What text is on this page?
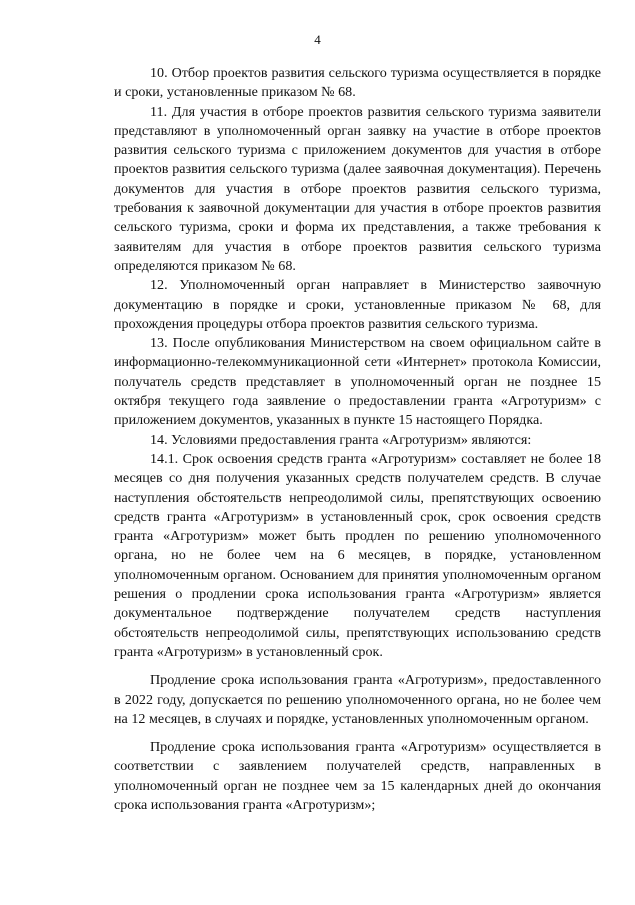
4

10. Отбор проектов развития сельского туризма осуществляется в порядке и сроки, установленные приказом № 68.

11. Для участия в отборе проектов развития сельского туризма заявители представляют в уполномоченный орган заявку на участие в отборе проектов развития сельского туризма с приложением документов для участия в отборе проектов развития сельского туризма (далее заявочная документация). Перечень документов для участия в отборе проектов развития сельского туризма, требования к заявочной документации для участия в отборе проектов развития сельского туризма, сроки и форма их представления, а также требования к заявителям для участия в отборе проектов развития сельского туризма определяются приказом № 68.

12. Уполномоченный орган направляет в Министерство заявочную документацию в порядке и сроки, установленные приказом № 68, для прохождения процедуры отбора проектов развития сельского туризма.

13. После опубликования Министерством на своем официальном сайте в информационно-телекоммуникационной сети «Интернет» протокола Комиссии, получатель средств представляет в уполномоченный орган не позднее 15 октября текущего года заявление о предоставлении гранта «Агротуризм» с приложением документов, указанных в пункте 15 настоящего Порядка.

14. Условиями предоставления гранта «Агротуризм» являются:

14.1. Срок освоения средств гранта «Агротуризм» составляет не более 18 месяцев со дня получения указанных средств получателем средств. В случае наступления обстоятельств непреодолимой силы, препятствующих освоению средств гранта «Агротуризм» в установленный срок, срок освоения средств гранта «Агротуризм» может быть продлен по решению уполномоченного органа, но не более чем на 6 месяцев, в порядке, установленном уполномоченным органом. Основанием для принятия уполномоченным органом решения о продлении срока использования гранта «Агротуризм» является документальное подтверждение получателем средств наступления обстоятельств непреодолимой силы, препятствующих использованию средств гранта «Агротуризм» в установленный срок.

Продление срока использования гранта «Агротуризм», предоставленного в 2022 году, допускается по решению уполномоченного органа, но не более чем на 12 месяцев, в случаях и порядке, установленных уполномоченным органом.

Продление срока использования гранта «Агротуризм» осуществляется в соответствии с заявлением получателей средств, направленных в уполномоченный орган не позднее чем за 15 календарных дней до окончания срока использования гранта «Агротуризм»;
